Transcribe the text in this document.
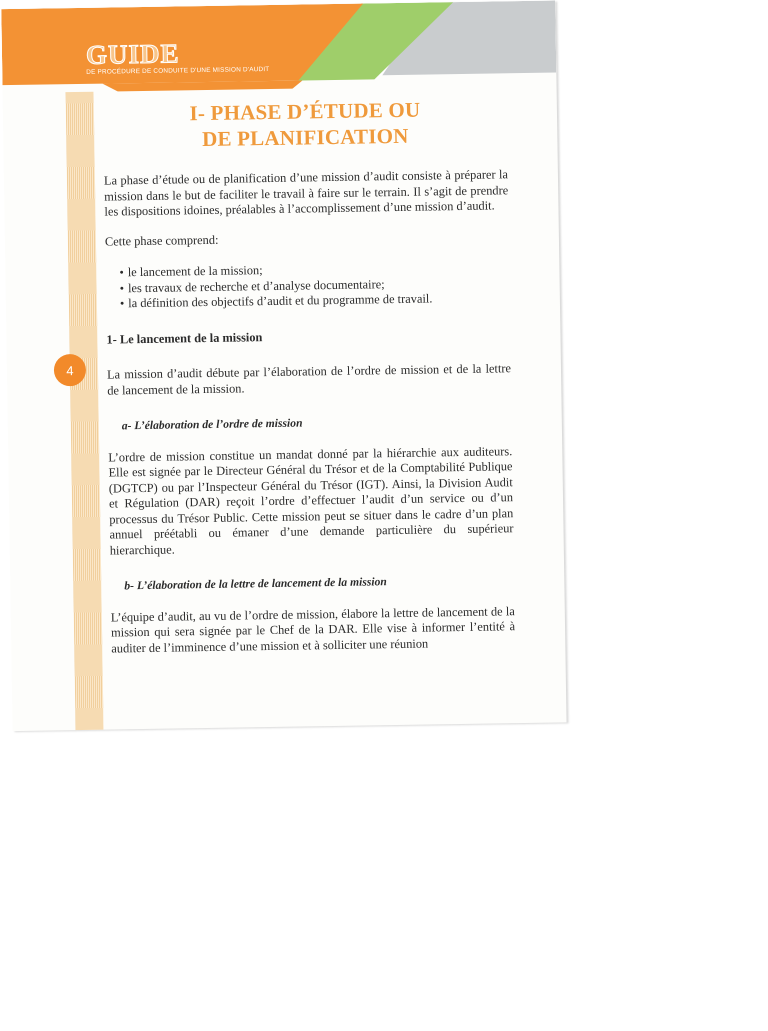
GUIDE
DE PROCÉDURE DE CONDUITE D'UNE MISSION D'AUDIT
4
I- PHASE D’ÉTUDE OU
DE PLANIFICATION

La phase d’étude ou de planification d’une mission d’audit consiste à préparer la mission dans le but de faciliter le travail à faire sur le terrain. Il s’agit de prendre les dispositions idoines, préalables à l’accomplissement d’une mission d’audit.

Cette phase comprend:

• le lancement de la mission;
• les travaux de recherche et d’analyse documentaire;
• la définition des objectifs d’audit et du programme de travail.
1- Le lancement de la mission

La mission d’audit débute par l’élaboration de l’ordre de mission et de la lettre de lancement de la mission.

a- L’élaboration de l’ordre de mission

L’ordre de mission constitue un mandat donné par la hiérarchie aux auditeurs. Elle est signée par le Directeur Général du Trésor et de la Comptabilité Publique (DGTCP) ou par l’Inspecteur Général du Trésor (IGT). Ainsi, la Division Audit et Régulation (DAR) reçoit l’ordre d’effectuer l’audit d’un service ou d’un processus du Trésor Public. Cette mission peut se situer dans le cadre d’un plan annuel préétabli ou émaner d’une demande particulière du supérieur hierarchique.

b- L’élaboration de la lettre de lancement de la mission

L’équipe d’audit, au vu de l’ordre de mission, élabore la lettre de lancement de la mission qui sera signée par le Chef de la DAR. Elle vise à informer l’entité à auditer de l’imminence d’une mission et à solliciter une réunion
